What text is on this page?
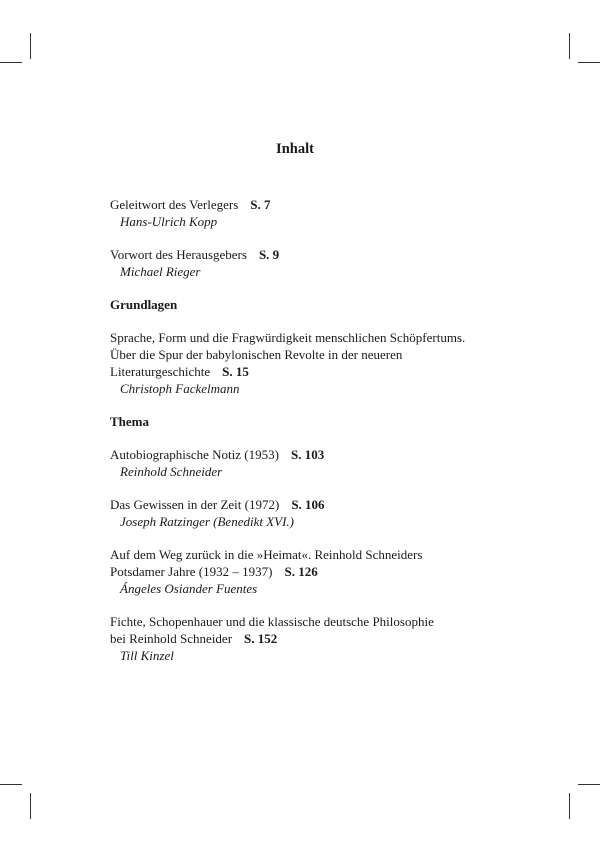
Inhalt

Geleitwort des Verlegers S. 7

Hans-Ulrich Kopp

Vorwort des Herausgebers S. 9

Michael Rieger

Grundlagen

Sprache, Form und die Fragwürdigkeit menschlichen Schöpfertums.

Über die Spur der babylonischen Revolte in der neueren

Literaturgeschichte S. 15

Christoph Fackelmann

Thema

Autobiographische Notiz (1953) S. 103

Reinhold Schneider

Das Gewissen in der Zeit (1972) S. 106

Joseph Ratzinger (Benedikt XVI.)

Auf dem Weg zurück in die »Heimat«. Reinhold Schneiders

Potsdamer Jahre (1932 – 1937) S. 126

Ángeles Osiander Fuentes

Fichte, Schopenhauer und die klassische deutsche Philosophie

bei Reinhold Schneider S. 152

Till Kinzel
